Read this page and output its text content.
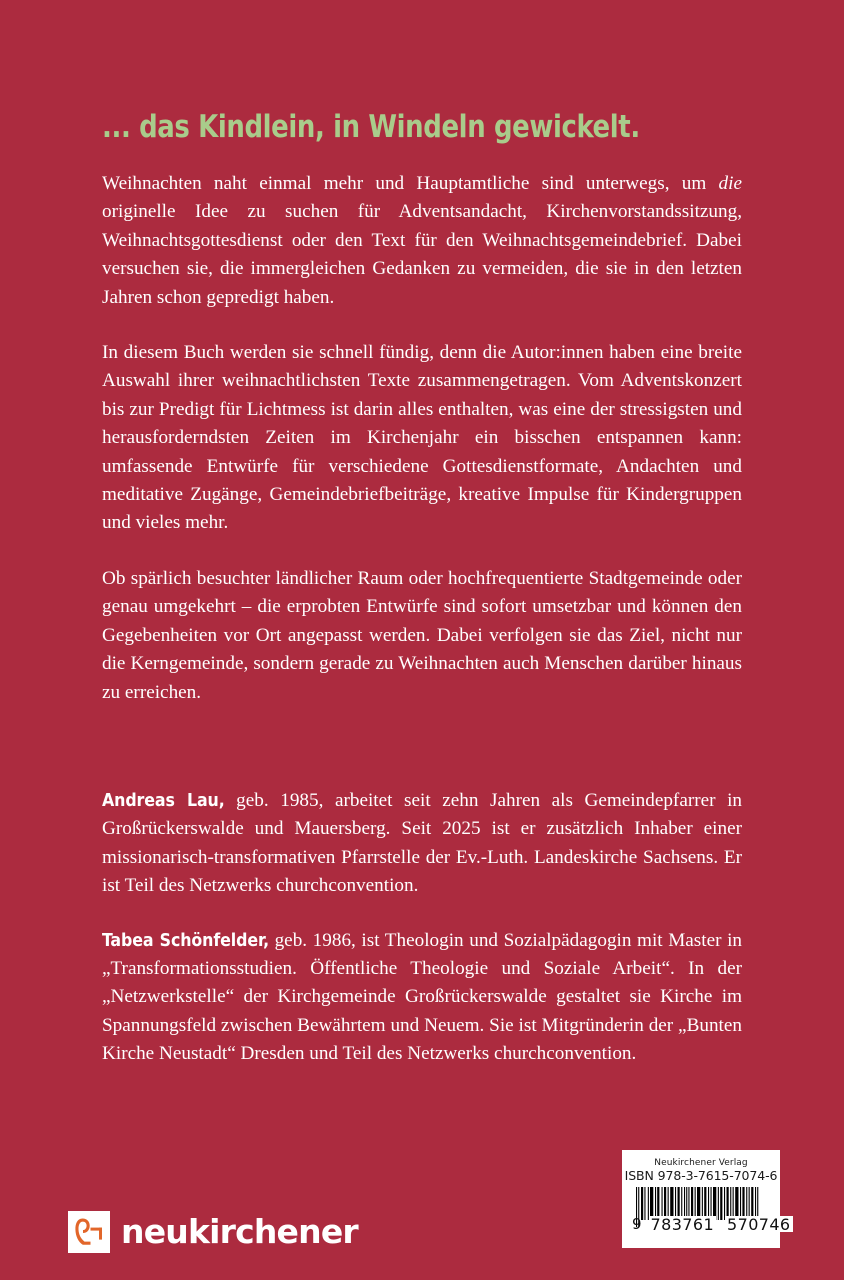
... das Kindlein, in Windeln gewickelt.

Weihnachten naht einmal mehr und Hauptamtliche sind unterwegs, um die originelle Idee zu suchen für Adventsandacht, Kirchenvorstandssitzung, Weihnachtsgottesdienst oder den Text für den Weihnachtsgemeindebrief. Dabei versuchen sie, die immergleichen Gedanken zu vermeiden, die sie in den letzten Jahren schon gepredigt haben.

In diesem Buch werden sie schnell fündig, denn die Autor:innen haben eine breite Auswahl ihrer weihnachtlichsten Texte zusammengetragen. Vom Adventskonzert bis zur Predigt für Lichtmess ist darin alles enthalten, was eine der stressigsten und herausforderndsten Zeiten im Kirchenjahr ein bisschen entspannen kann: umfassende Entwürfe für verschiedene Gottesdienstformate, Andachten und meditative Zugänge, Gemeindebriefbeiträge, kreative Impulse für Kindergruppen und vieles mehr.

Ob spärlich besuchter ländlicher Raum oder hochfrequentierte Stadtgemeinde oder genau umgekehrt – die erprobten Entwürfe sind sofort umsetzbar und können den Gegebenheiten vor Ort angepasst werden. Dabei verfolgen sie das Ziel, nicht nur die Kerngemeinde, sondern gerade zu Weihnachten auch Menschen darüber hinaus zu erreichen.

Andreas Lau, geb. 1985, arbeitet seit zehn Jahren als Gemeindepfarrer in Großrückerswalde und Mauersberg. Seit 2025 ist er zusätzlich Inhaber einer missionarisch-transformativen Pfarrstelle der Ev.-Luth. Landeskirche Sachsens. Er ist Teil des Netzwerks churchconvention.

Tabea Schönfelder, geb. 1986, ist Theologin und Sozialpädagogin mit Master in „Transformationsstudien. Öffentliche Theologie und Soziale Arbeit“. In der „Netzwerkstelle“ der Kirchgemeinde Großrückerswalde gestaltet sie Kirche im Spannungsfeld zwischen Bewährtem und Neuem. Sie ist Mitgründerin der „Bunten Kirche Neustadt“ Dresden und Teil des Netzwerks churchconvention.

neukirchener
Neukirchener Verlag
ISBN 978-3-7615-7074-6
9 783761 570746
